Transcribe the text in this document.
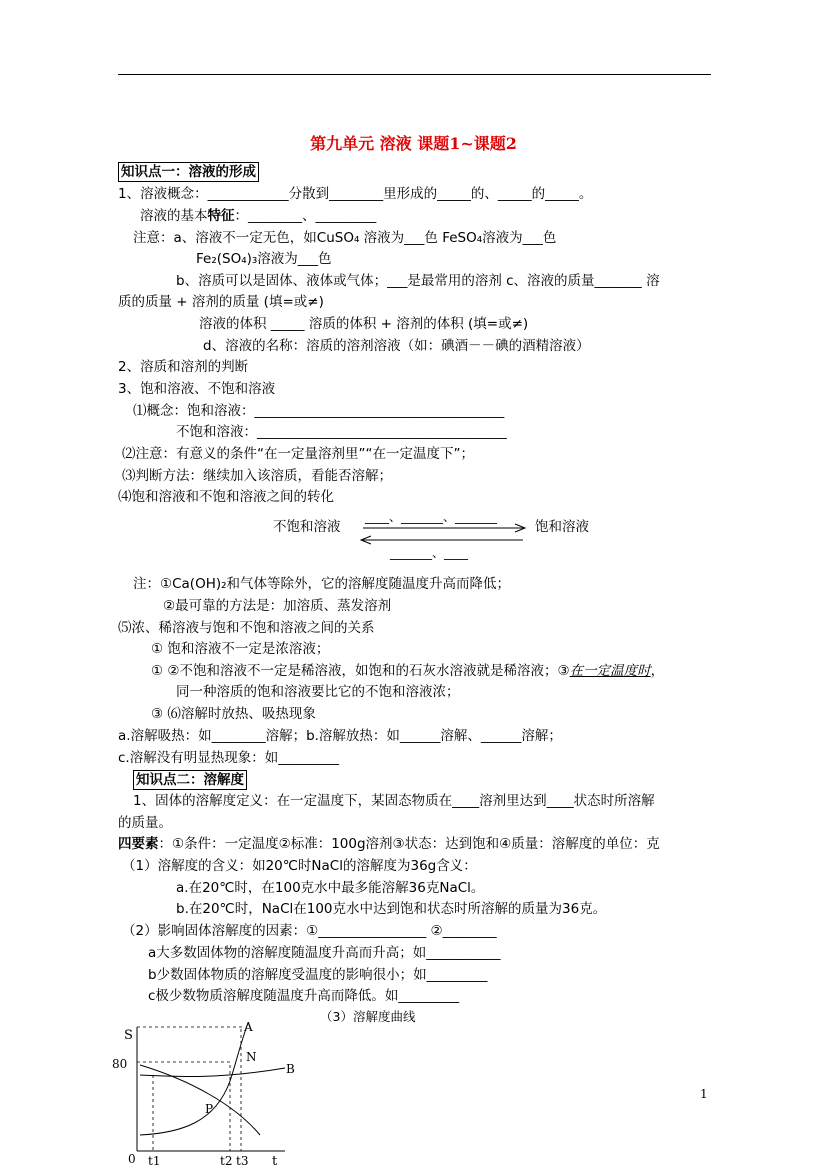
第九单元 溶液 课题1~课题2
知识点一：溶液的形成
1、溶液概念：____________分散到________里形成的_____的、_____的_____。
溶液的基本特征：________、_________
注意：a、溶液不一定无色，如CuSO₄ 溶液为___色 FeSO₄溶液为___色
Fe₂(SO₄)₃溶液为___色
b、溶质可以是固体、液体或气体；___是最常用的溶剂 c、溶液的质量_______ 溶
质的质量 + 溶剂的质量 (填=或≠)
溶液的体积 _____ 溶质的体积 + 溶剂的体积 (填=或≠)
d、溶液的名称：溶质的溶剂溶液（如：碘酒－－碘的酒精溶液）
2、溶质和溶剂的判断
3、饱和溶液、不饱和溶液
⑴概念：饱和溶液：_____________________________________
不饱和溶液：_____________________________________
⑵注意：有意义的条件“在一定量溶剂里”“在一定温度下”；
⑶判断方法：继续加入该溶质，看能否溶解；
⑷饱和溶液和不饱和溶液之间的转化
不饱和溶液	饱和溶液
____、_______、_______
_______、____
注：①Ca(OH)₂和气体等除外，它的溶解度随温度升高而降低；
②最可靠的方法是：加溶质、蒸发溶剂
⑸浓、稀溶液与饱和不饱和溶液之间的关系
① 饱和溶液不一定是浓溶液；
① ②不饱和溶液不一定是稀溶液，如饱和的石灰水溶液就是稀溶液；③在一定温度时，
同一种溶质的饱和溶液要比它的不饱和溶液浓；
③ ⑹溶解时放热、吸热现象
a.溶解吸热：如________溶解；b.溶解放热：如______溶解、______溶解；
c.溶解没有明显热现象：如_________
知识点二：溶解度
1、固体的溶解度定义：在一定温度下，某固态物质在____溶剂里达到____状态时所溶解
的质量。
四要素：①条件：一定温度②标准：100g溶剂③状态：达到饱和④质量：溶解度的单位：克
（1）溶解度的含义：如20℃时NaCl的溶解度为36g含义：
a.在20℃时，在100克水中最多能溶解36克NaCl。
b.在20℃时，NaCl在100克水中达到饱和状态时所溶解的质量为36克。
（2）影响固体溶解度的因素：①________________ ②________
a大多数固体物的溶解度随温度升高而升高；如___________
b少数固体物质的溶解度受温度的影响很小；如_________
c极少数物质溶解度随温度升高而降低。如_________
（3）溶解度曲线
S
80
0	t
t1	t2 t3
A
B
N
P
1
